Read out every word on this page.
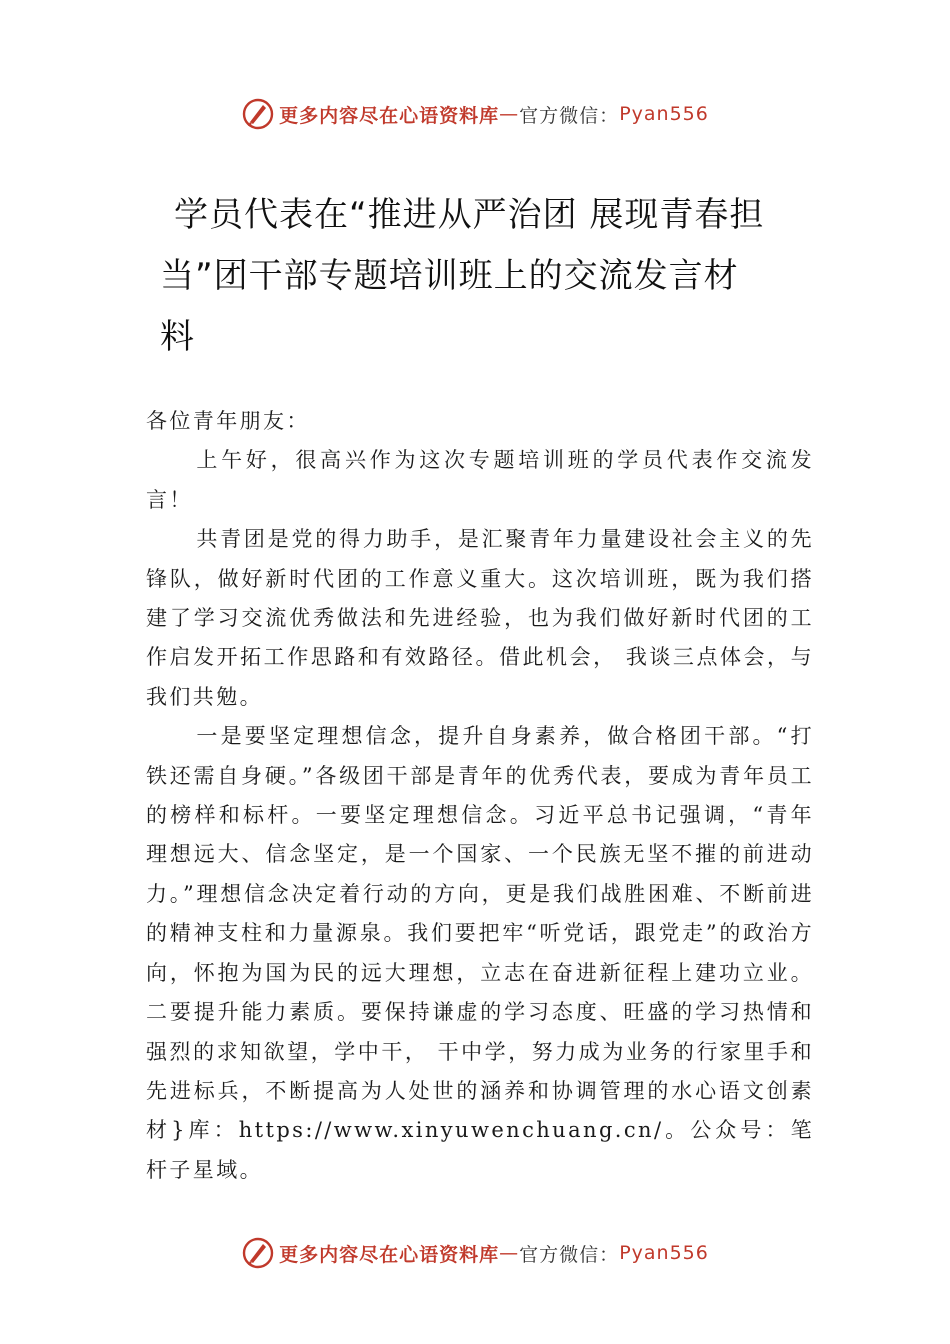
更多内容尽在心语资料库 — 官方微信： Pyan556
学员代表在“推进从严治团 展现青春担
当”团干部专题培训班上的交流发言材
料

各位青年朋友：

上午好，很高兴作为这次专题培训班的学员代表作交流发言！

共青团是党的得力助手，是汇聚青年力量建设社会主义的先锋队，做好新时代团的工作意义重大。这次培训班，既为我们搭建了学习交流优秀做法和先进经验，也为我们做好新时代团的工作启发开拓工作思路和有效路径。借此机会， 我谈三点体会，与我们共勉。

一是要坚定理想信念，提升自身素养，做合格团干部。“打铁还需自身硬。”各级团干部是青年的优秀代表，要成为青年员工的榜样和标杆。一要坚定理想信念。习近平总书记强调，“青年理想远大、信念坚定，是一个国家、一个民族无坚不摧的前进动力。”理想信念决定着行动的方向，更是我们战胜困难、不断前进的精神支柱和力量源泉。我们要把牢“听党话，跟党走”的政治方向，怀抱为国为民的远大理想，立志在奋进新征程上建功立业。二要提升能力素质。要保持谦虚的学习态度、旺盛的学习热情和强烈的求知欲望，学中干， 干中学，努力成为业务的行家里手和先进标兵，不断提高为人处世的涵养和协调管理的水心语文创素材}库：https://www.xinyuwenchuang.cn/。公众号：笔杆子星域。

更多内容尽在心语资料库 — 官方微信： Pyan556
